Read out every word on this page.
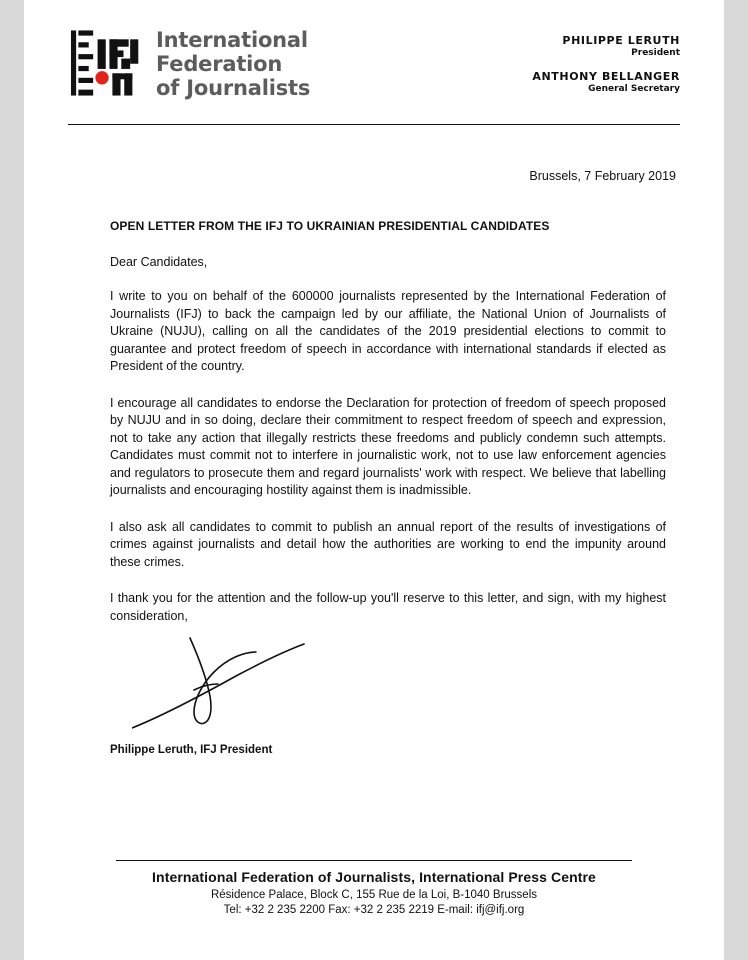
International
Federation
of Journalists
PHILIPPE LERUTH
President
ANTHONY BELLANGER
General Secretary
Brussels, 7 February 2019
OPEN LETTER FROM THE IFJ TO UKRAINIAN PRESIDENTIAL CANDIDATES
Dear Candidates,

I write to you on behalf of the 600000 journalists represented by the International Federation of Journalists (IFJ) to back the campaign led by our affiliate, the National Union of Journalists of Ukraine (NUJU), calling on all the candidates of the 2019 presidential elections to commit to guarantee and protect freedom of speech in accordance with international standards if elected as President of the country.

I encourage all candidates to endorse the Declaration for protection of freedom of speech proposed by NUJU and in so doing, declare their commitment to respect freedom of speech and expression, not to take any action that illegally restricts these freedoms and publicly condemn such attempts. Candidates must commit not to interfere in journalistic work, not to use law enforcement agencies and regulators to prosecute them and regard journalists' work with respect. We believe that labelling journalists and encouraging hostility against them is inadmissible.

I also ask all candidates to commit to publish an annual report of the results of investigations of crimes against journalists and detail how the authorities are working to end the impunity around these crimes.

I thank you for the attention and the follow-up you'll reserve to this letter, and sign, with my highest consideration,

Philippe Leruth, IFJ President
International Federation of Journalists, International Press Centre
Résidence Palace, Block C, 155 Rue de la Loi, B-1040 Brussels
Tel: +32 2 235 2200 Fax: +32 2 235 2219 E-mail: ifj@ifj.org
